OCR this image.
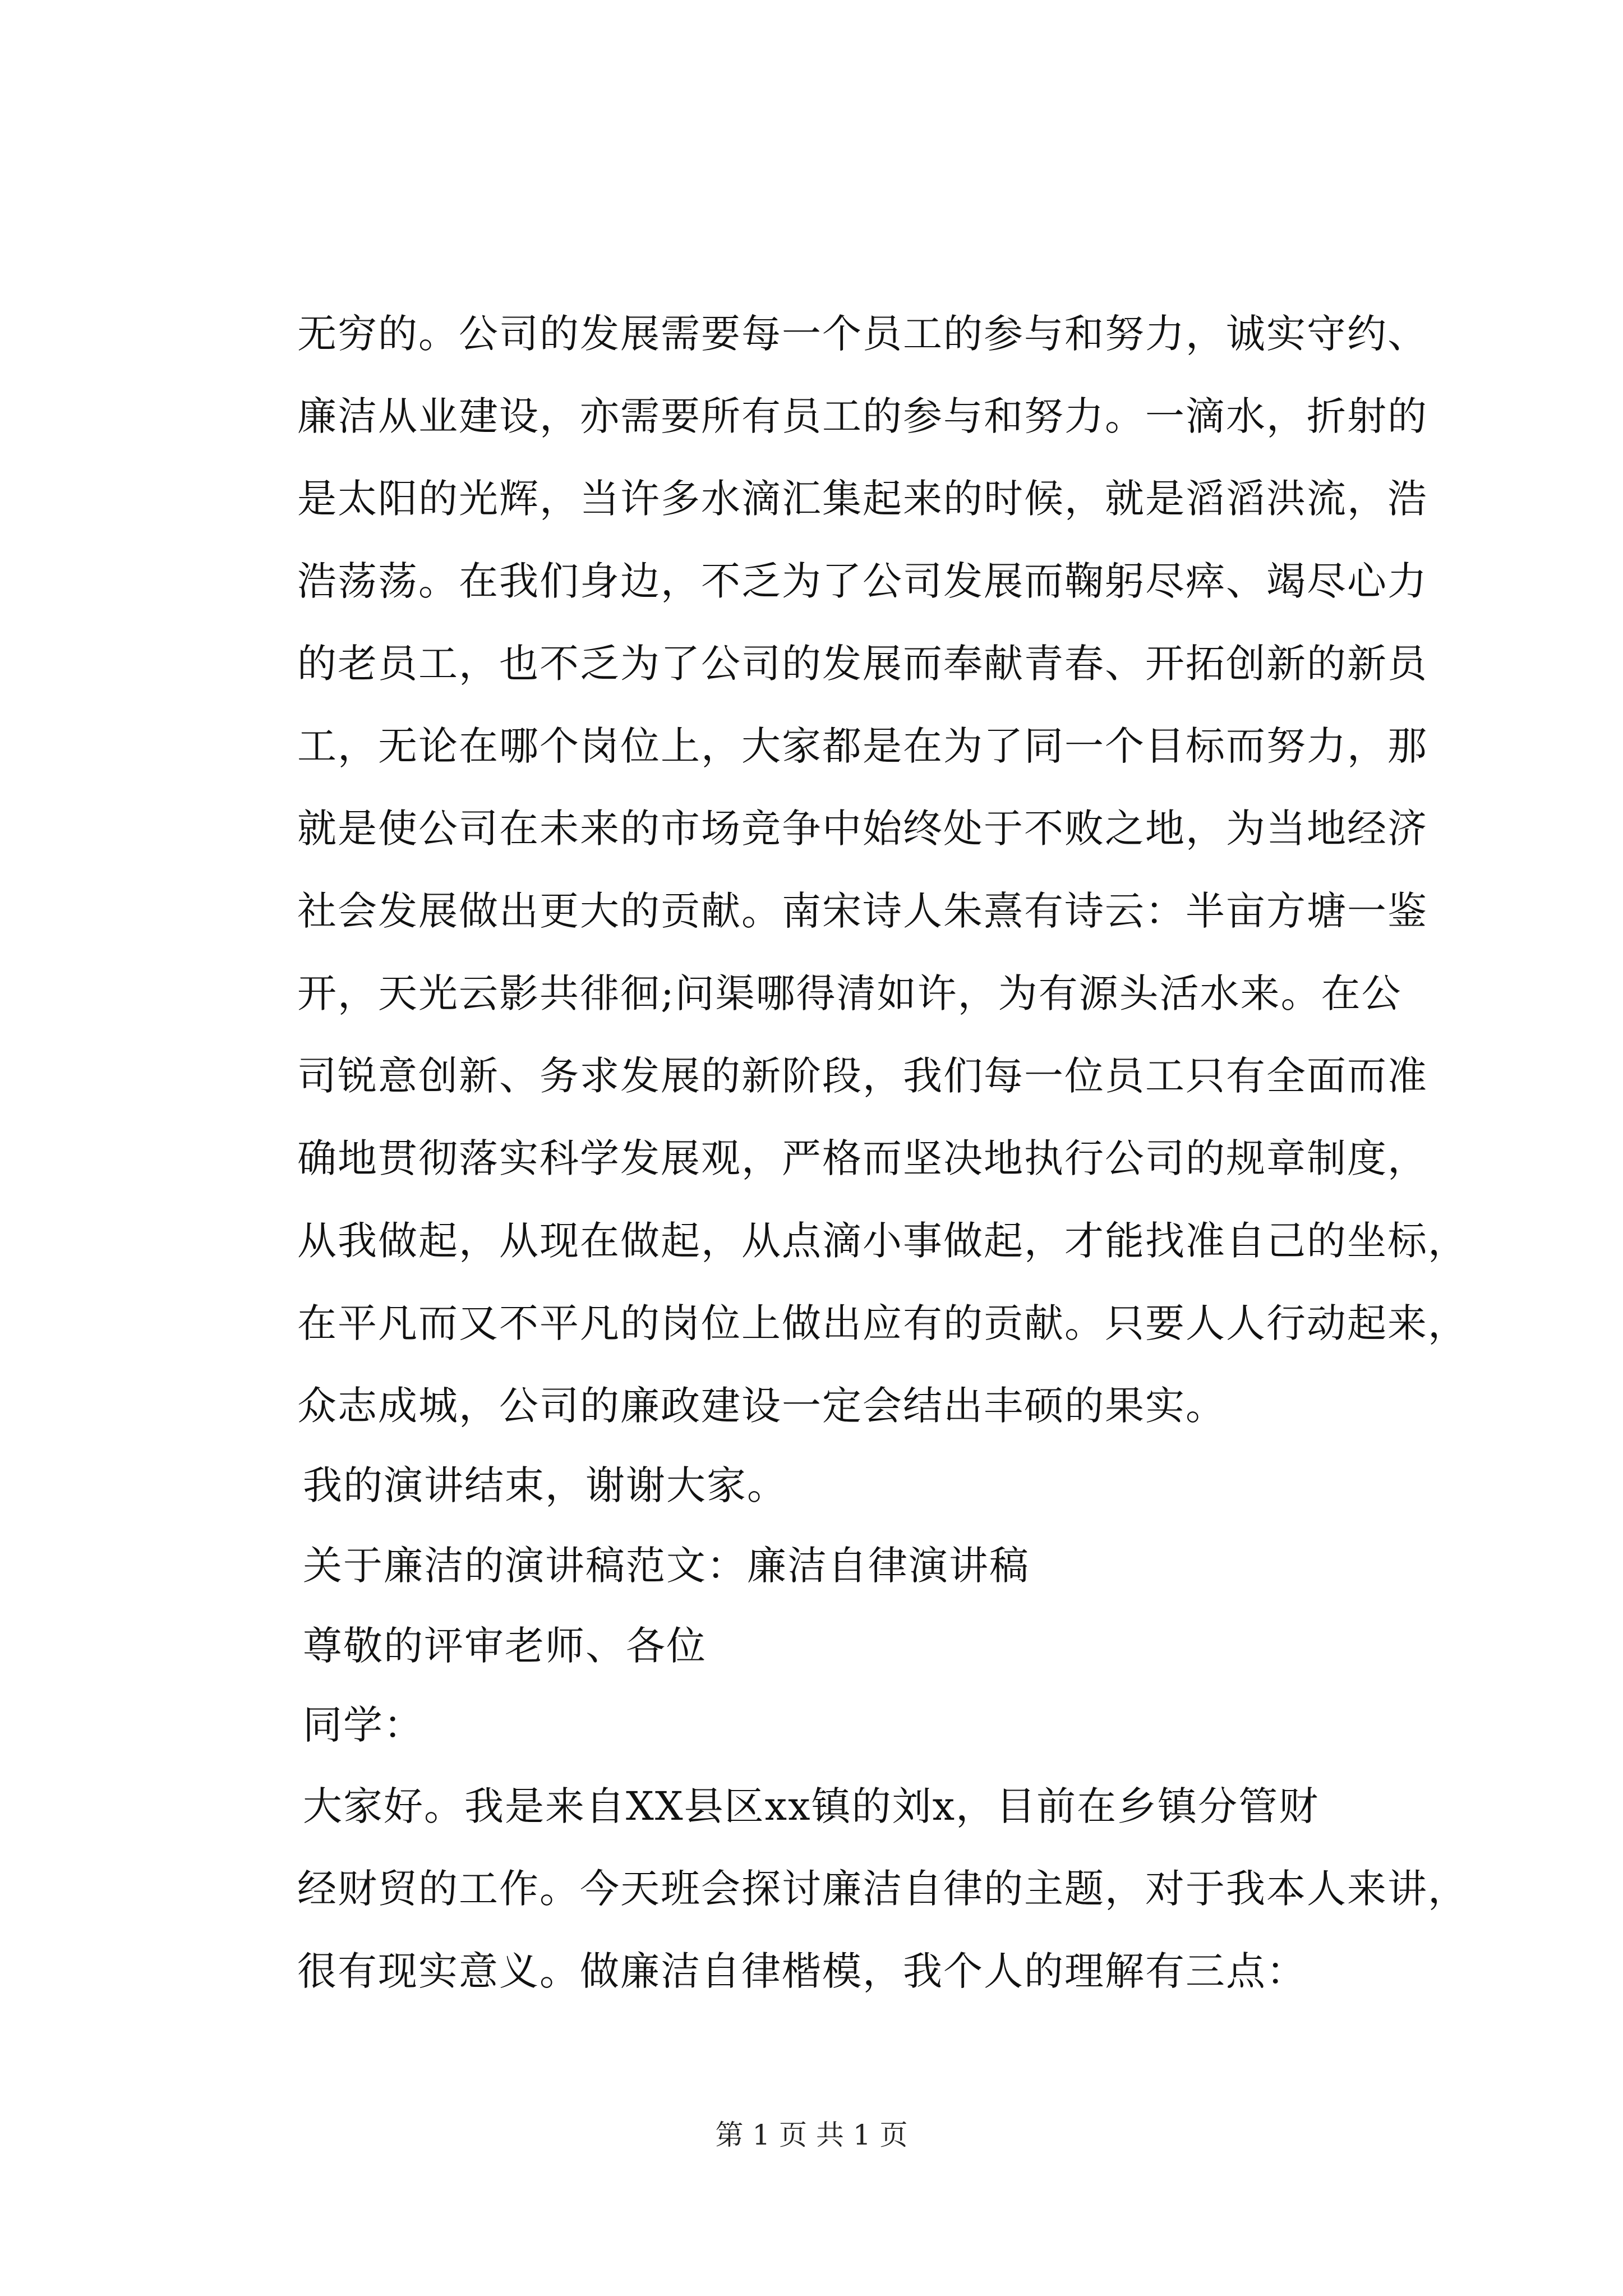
无穷的。公司的发展需要每一个员工的参与和努力，诚实守约、
廉洁从业建设，亦需要所有员工的参与和努力。一滴水，折射的
是太阳的光辉，当许多水滴汇集起来的时候，就是滔滔洪流，浩
浩荡荡。在我们身边，不乏为了公司发展而鞠躬尽瘁、竭尽心力
的老员工，也不乏为了公司的发展而奉献青春、开拓创新的新员
工，无论在哪个岗位上，大家都是在为了同一个目标而努力，那
就是使公司在未来的市场竞争中始终处于不败之地，为当地经济
社会发展做出更大的贡献。南宋诗人朱熹有诗云：半亩方塘一鉴
开，天光云影共徘徊;问渠哪得清如许，为有源头活水来。在公
司锐意创新、务求发展的新阶段，我们每一位员工只有全面而准
确地贯彻落实科学发展观，严格而坚决地执行公司的规章制度，
从我做起，从现在做起，从点滴小事做起，才能找准自己的坐标，
在平凡而又不平凡的岗位上做出应有的贡献。只要人人行动起来，
众志成城，公司的廉政建设一定会结出丰硕的果实。
我的演讲结束，谢谢大家。
关于廉洁的演讲稿范文：廉洁自律演讲稿
尊敬的评审老师、各位
同学：
大家好。我是来自XX县区xx镇的刘x，目前在乡镇分管财
经财贸的工作。今天班会探讨廉洁自律的主题，对于我本人来讲，
很有现实意义。做廉洁自律楷模，我个人的理解有三点：
第 1 页 共 1 页
